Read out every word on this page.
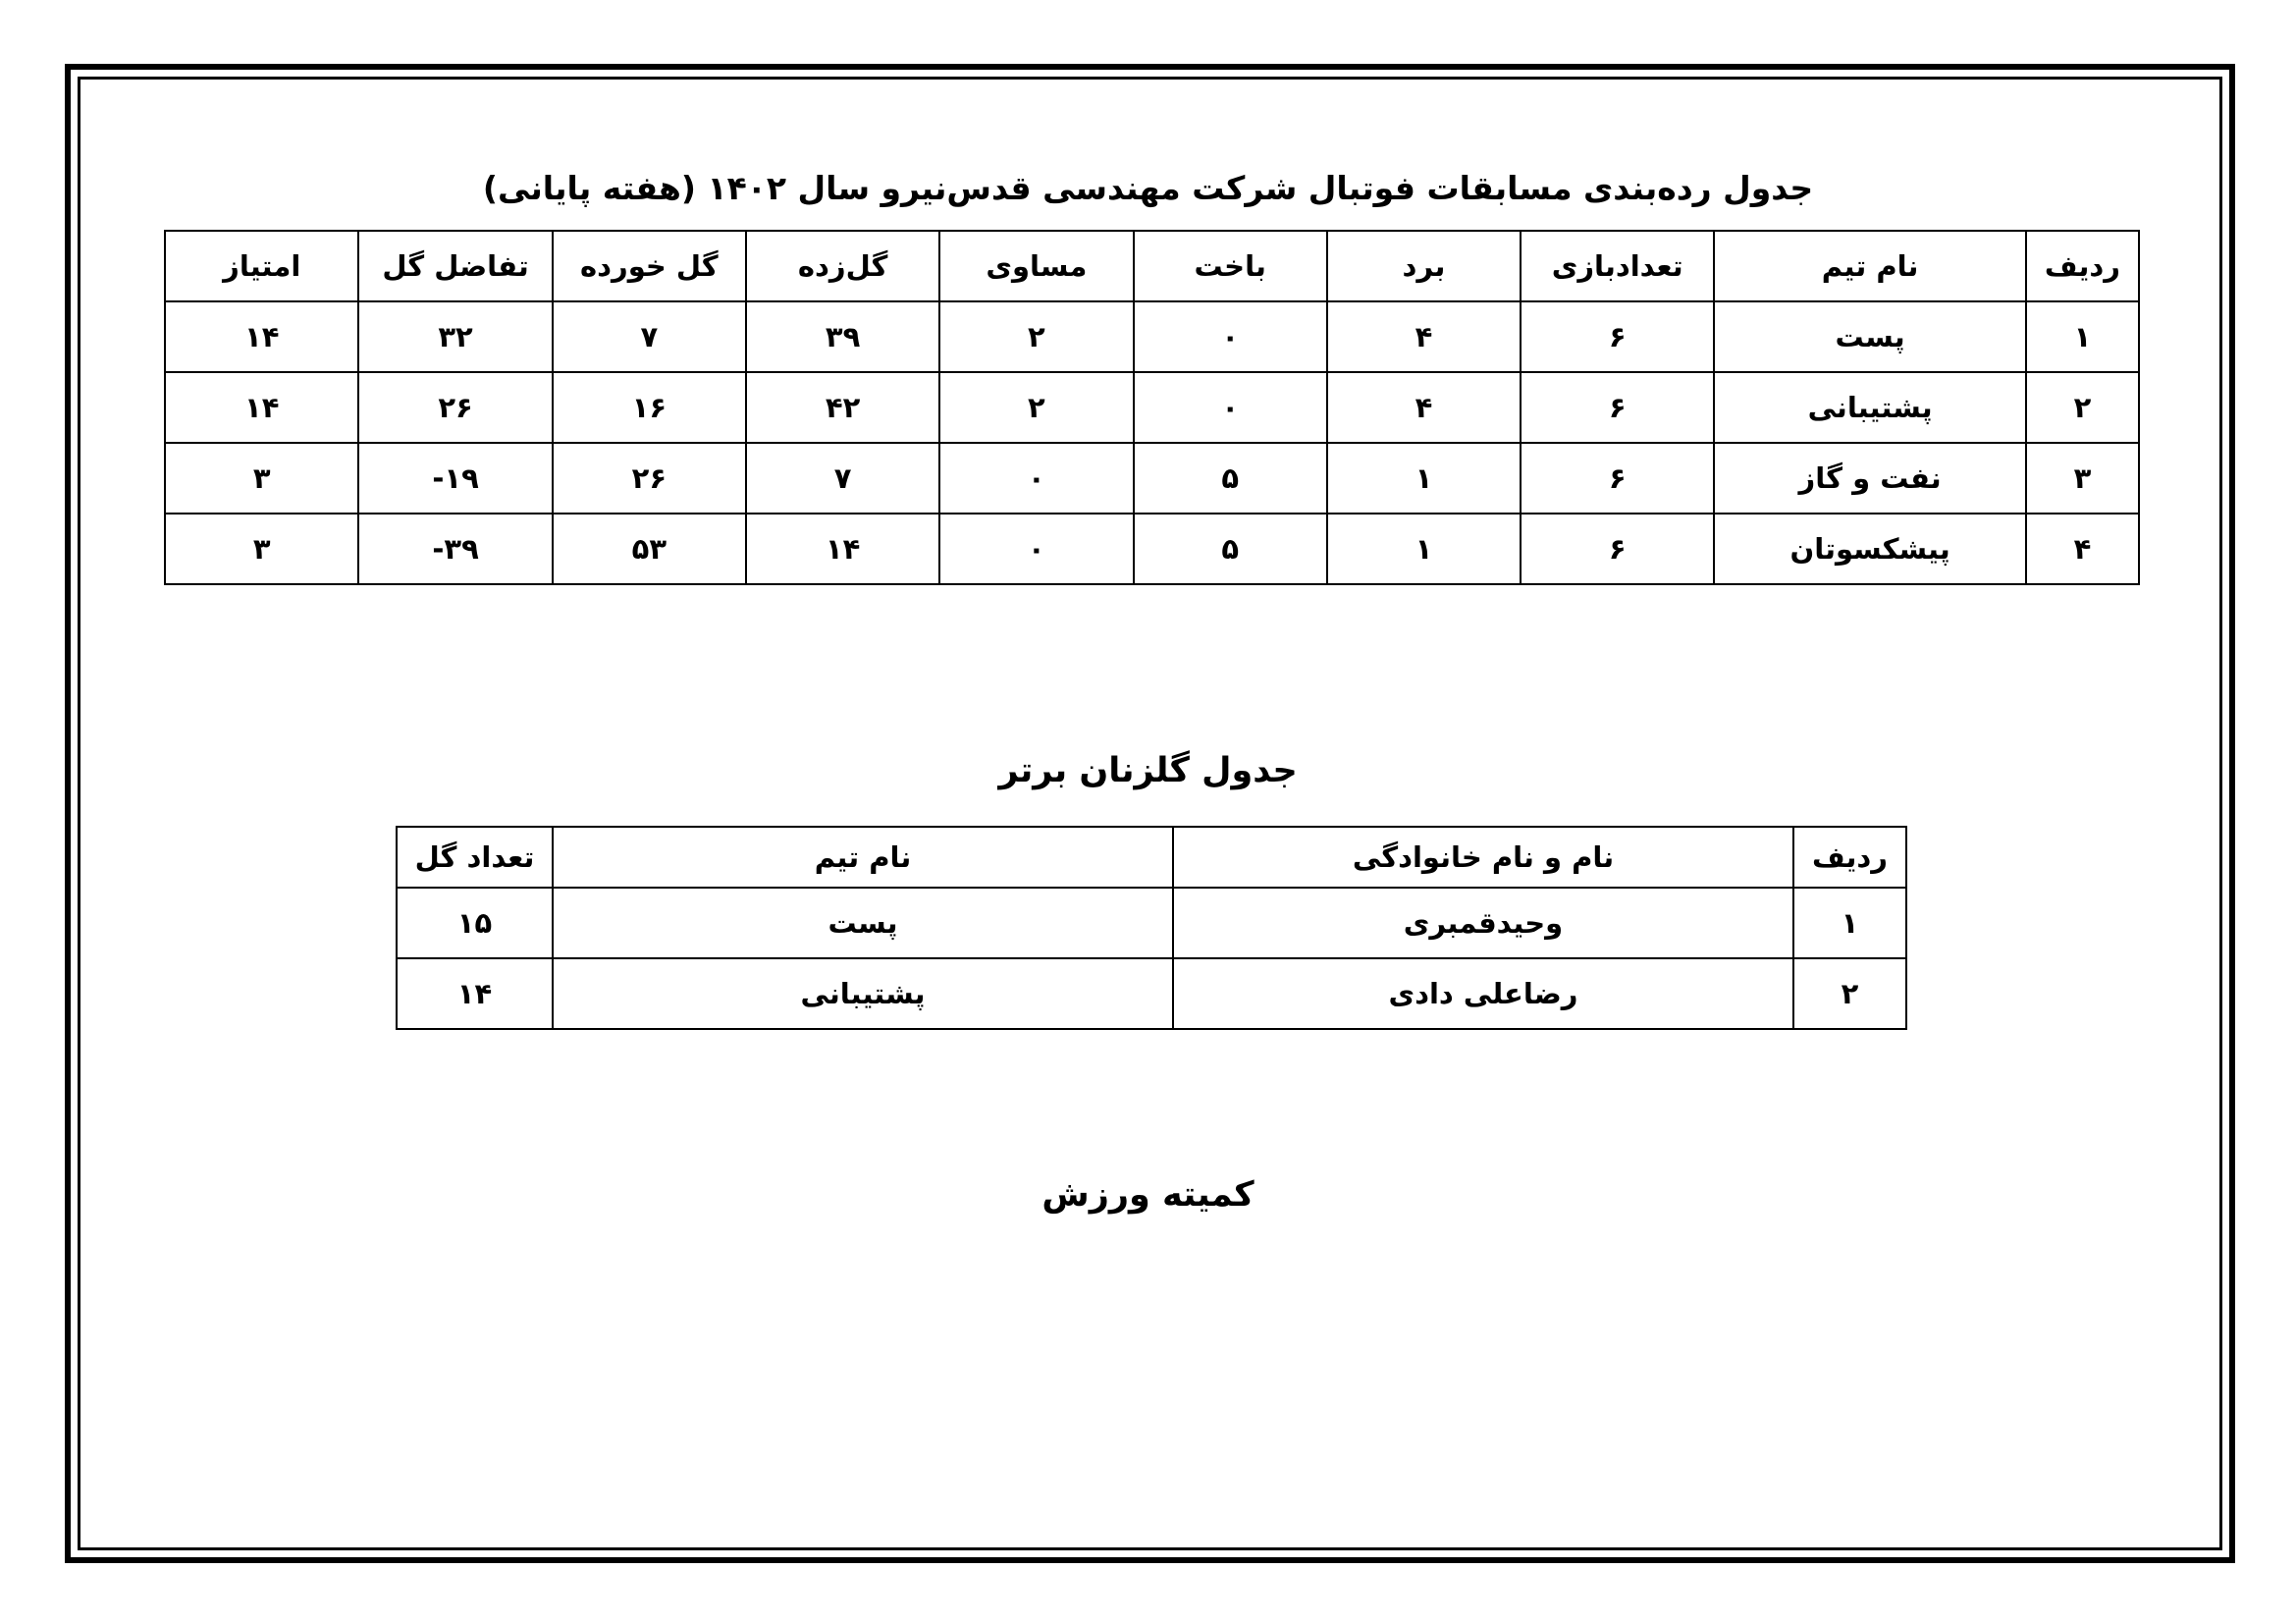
جدول رده‌بندی مسابقات فوتبال شرکت مهندسی قدس‌نیرو سال ۱۴۰۲ (هفته پایانی)
ردیف	نام تیم	تعدادبازی	برد	باخت	مساوی	گل‌زده	گل خورده	تفاضل گل	امتیاز
۱	پست	۶	۴	۰	۲	۳۹	۷	۳۲	۱۴
۲	پشتیبانی	۶	۴	۰	۲	۴۲	۱۶	۲۶	۱۴
۳	نفت و گاز	۶	۱	۵	۰	۷	۲۶	-۱۹	۳
۴	پیشکسوتان	۶	۱	۵	۰	۱۴	۵۳	-۳۹	۳
جدول گلزنان برتر
ردیف	نام و نام خانوادگی	نام تیم	تعداد گل
۱	وحیدقمبری	پست	۱۵
۲	رضاعلی دادی	پشتیبانی	۱۴
کمیته ورزش
